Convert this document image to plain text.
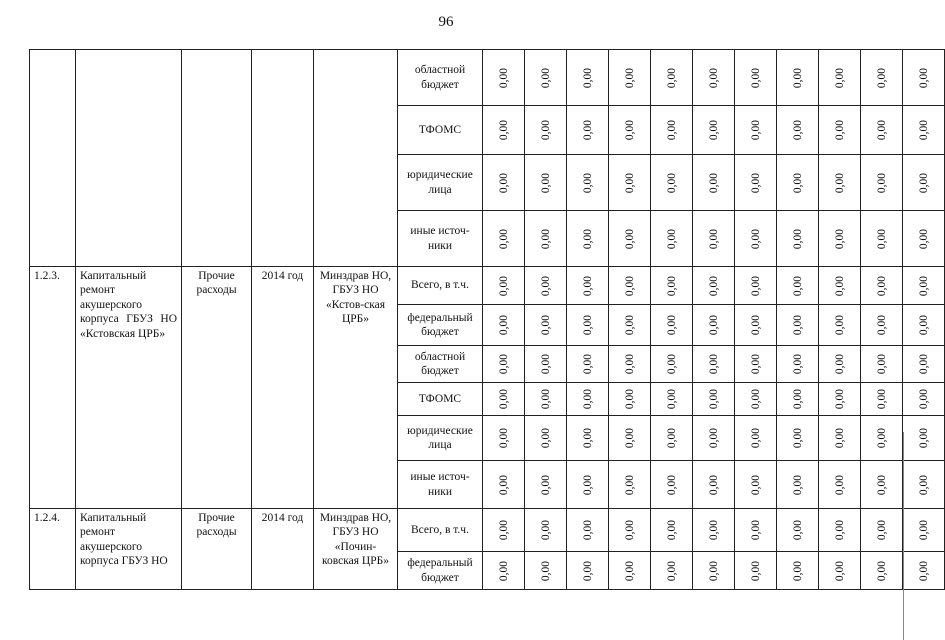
96
					областной бюджет	0,00	0,00	0,00	0,00	0,00	0,00	0,00	0,00	0,00	0,00	0,00

					ТФОМС	0,00	0,00	0,00	0,00	0,00	0,00	0,00	0,00	0,00	0,00	0,00

					юридические лица	0,00	0,00	0,00	0,00	0,00	0,00	0,00	0,00	0,00	0,00	0,00

					иные источ-ники	0,00	0,00	0,00	0,00	0,00	0,00	0,00	0,00	0,00	0,00	0,00

1.2.3.	Капитальный ремонт акушерского корпуса ГБУЗ НО «Кстовская ЦРБ»	Прочие расходы	2014 год	Минздрав НО, ГБУЗ НО «Кстов-ская ЦРБ»	Всего, в т.ч.	0,00	0,00	0,00	0,00	0,00	0,00	0,00	0,00	0,00	0,00	0,00

					федеральный бюджет	0,00	0,00	0,00	0,00	0,00	0,00	0,00	0,00	0,00	0,00	0,00

					областной бюджет	0,00	0,00	0,00	0,00	0,00	0,00	0,00	0,00	0,00	0,00	0,00

					ТФОМС	0,00	0,00	0,00	0,00	0,00	0,00	0,00	0,00	0,00	0,00	0,00

					юридические лица	0,00	0,00	0,00	0,00	0,00	0,00	0,00	0,00	0,00	0,00	0,00

					иные источ-ники	0,00	0,00	0,00	0,00	0,00	0,00	0,00	0,00	0,00	0,00	0,00

1.2.4.	Капитальный ремонт акушерского корпуса ГБУЗ НО	Прочие расходы	2014 год	Минздрав НО, ГБУЗ НО «Почин-ковская ЦРБ»	Всего, в т.ч.	0,00	0,00	0,00	0,00	0,00	0,00	0,00	0,00	0,00	0,00	0,00

					федеральный бюджет	0,00	0,00	0,00	0,00	0,00	0,00	0,00	0,00	0,00	0,00	0,00
